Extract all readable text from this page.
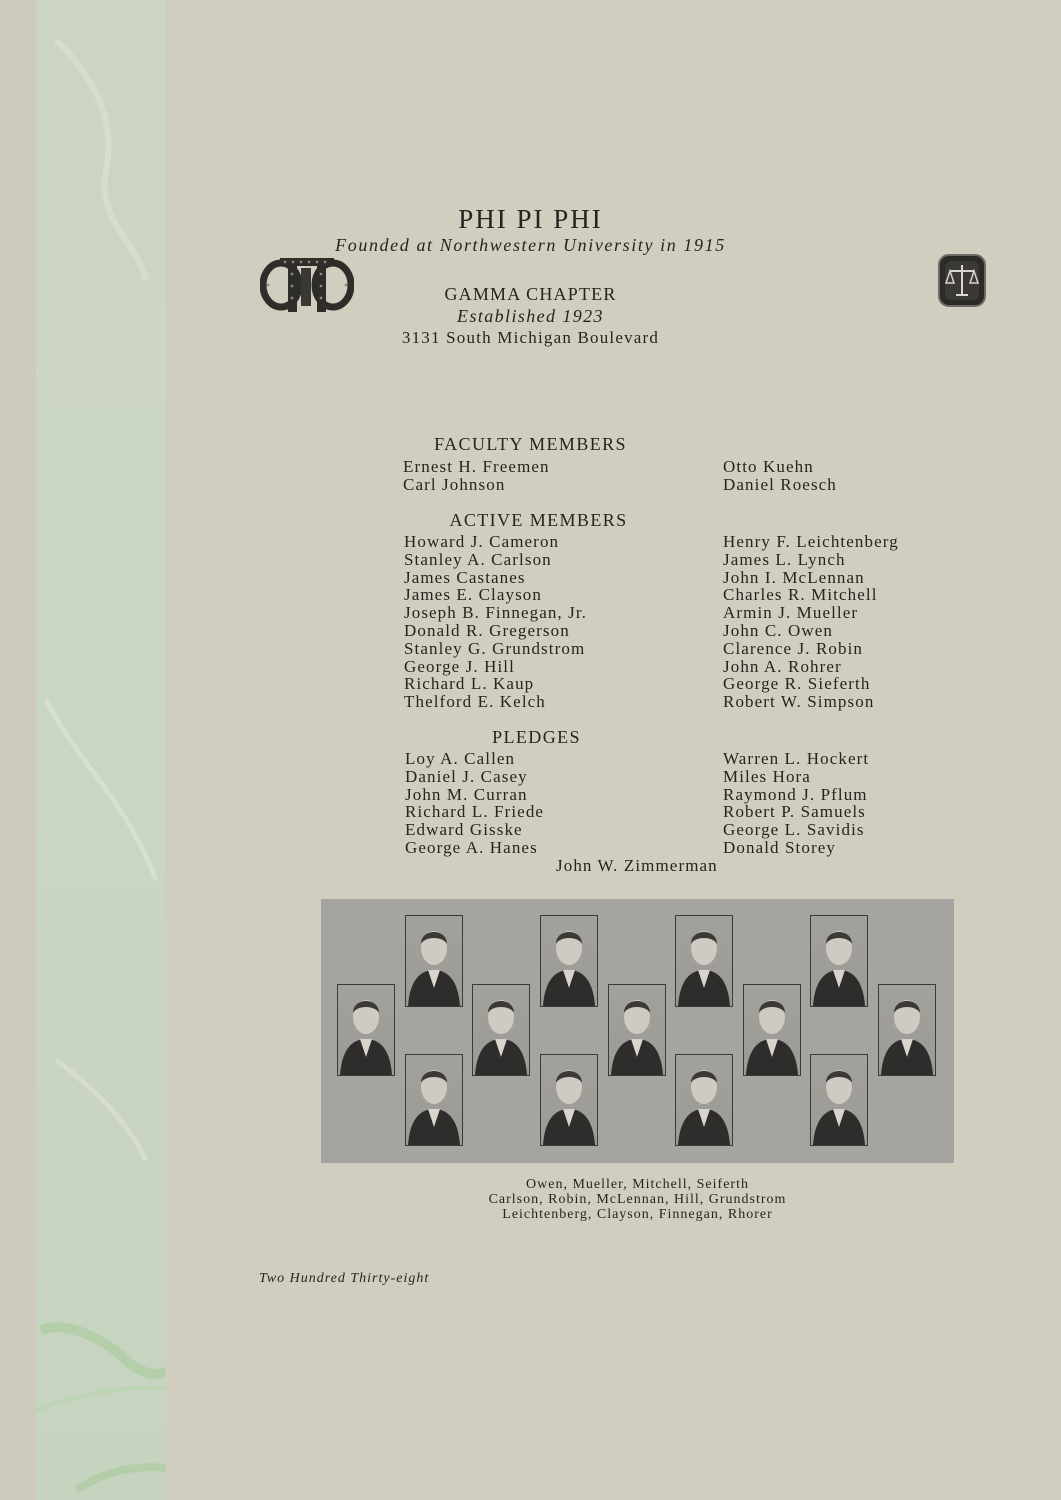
PHI PI PHI
Founded at Northwestern University in 1915
GAMMA CHAPTER
Established 1923
3131 South Michigan Boulevard
FACULTY MEMBERS
Ernest H. Freemen
Carl Johnson
Otto Kuehn
Daniel Roesch
ACTIVE MEMBERS
Howard J. Cameron
Stanley A. Carlson
James Castanes
James E. Clayson
Joseph B. Finnegan, Jr.
Donald R. Gregerson
Stanley G. Grundstrom
George J. Hill
Richard L. Kaup
Thelford E. Kelch
Henry F. Leichtenberg
James L. Lynch
John I. McLennan
Charles R. Mitchell
Armin J. Mueller
John C. Owen
Clarence J. Robin
John A. Rohrer
George R. Sieferth
Robert W. Simpson
PLEDGES
Loy A. Callen
Daniel J. Casey
John M. Curran
Richard L. Friede
Edward Gisske
George A. Hanes
Warren L. Hockert
Miles Hora
Raymond J. Pflum
Robert P. Samuels
George L. Savidis
Donald Storey
John W. Zimmerman
Owen, Mueller, Mitchell, Seiferth
Carlson, Robin, McLennan, Hill, Grundstrom
Leichtenberg, Clayson, Finnegan, Rhorer
Two Hundred Thirty-eight
